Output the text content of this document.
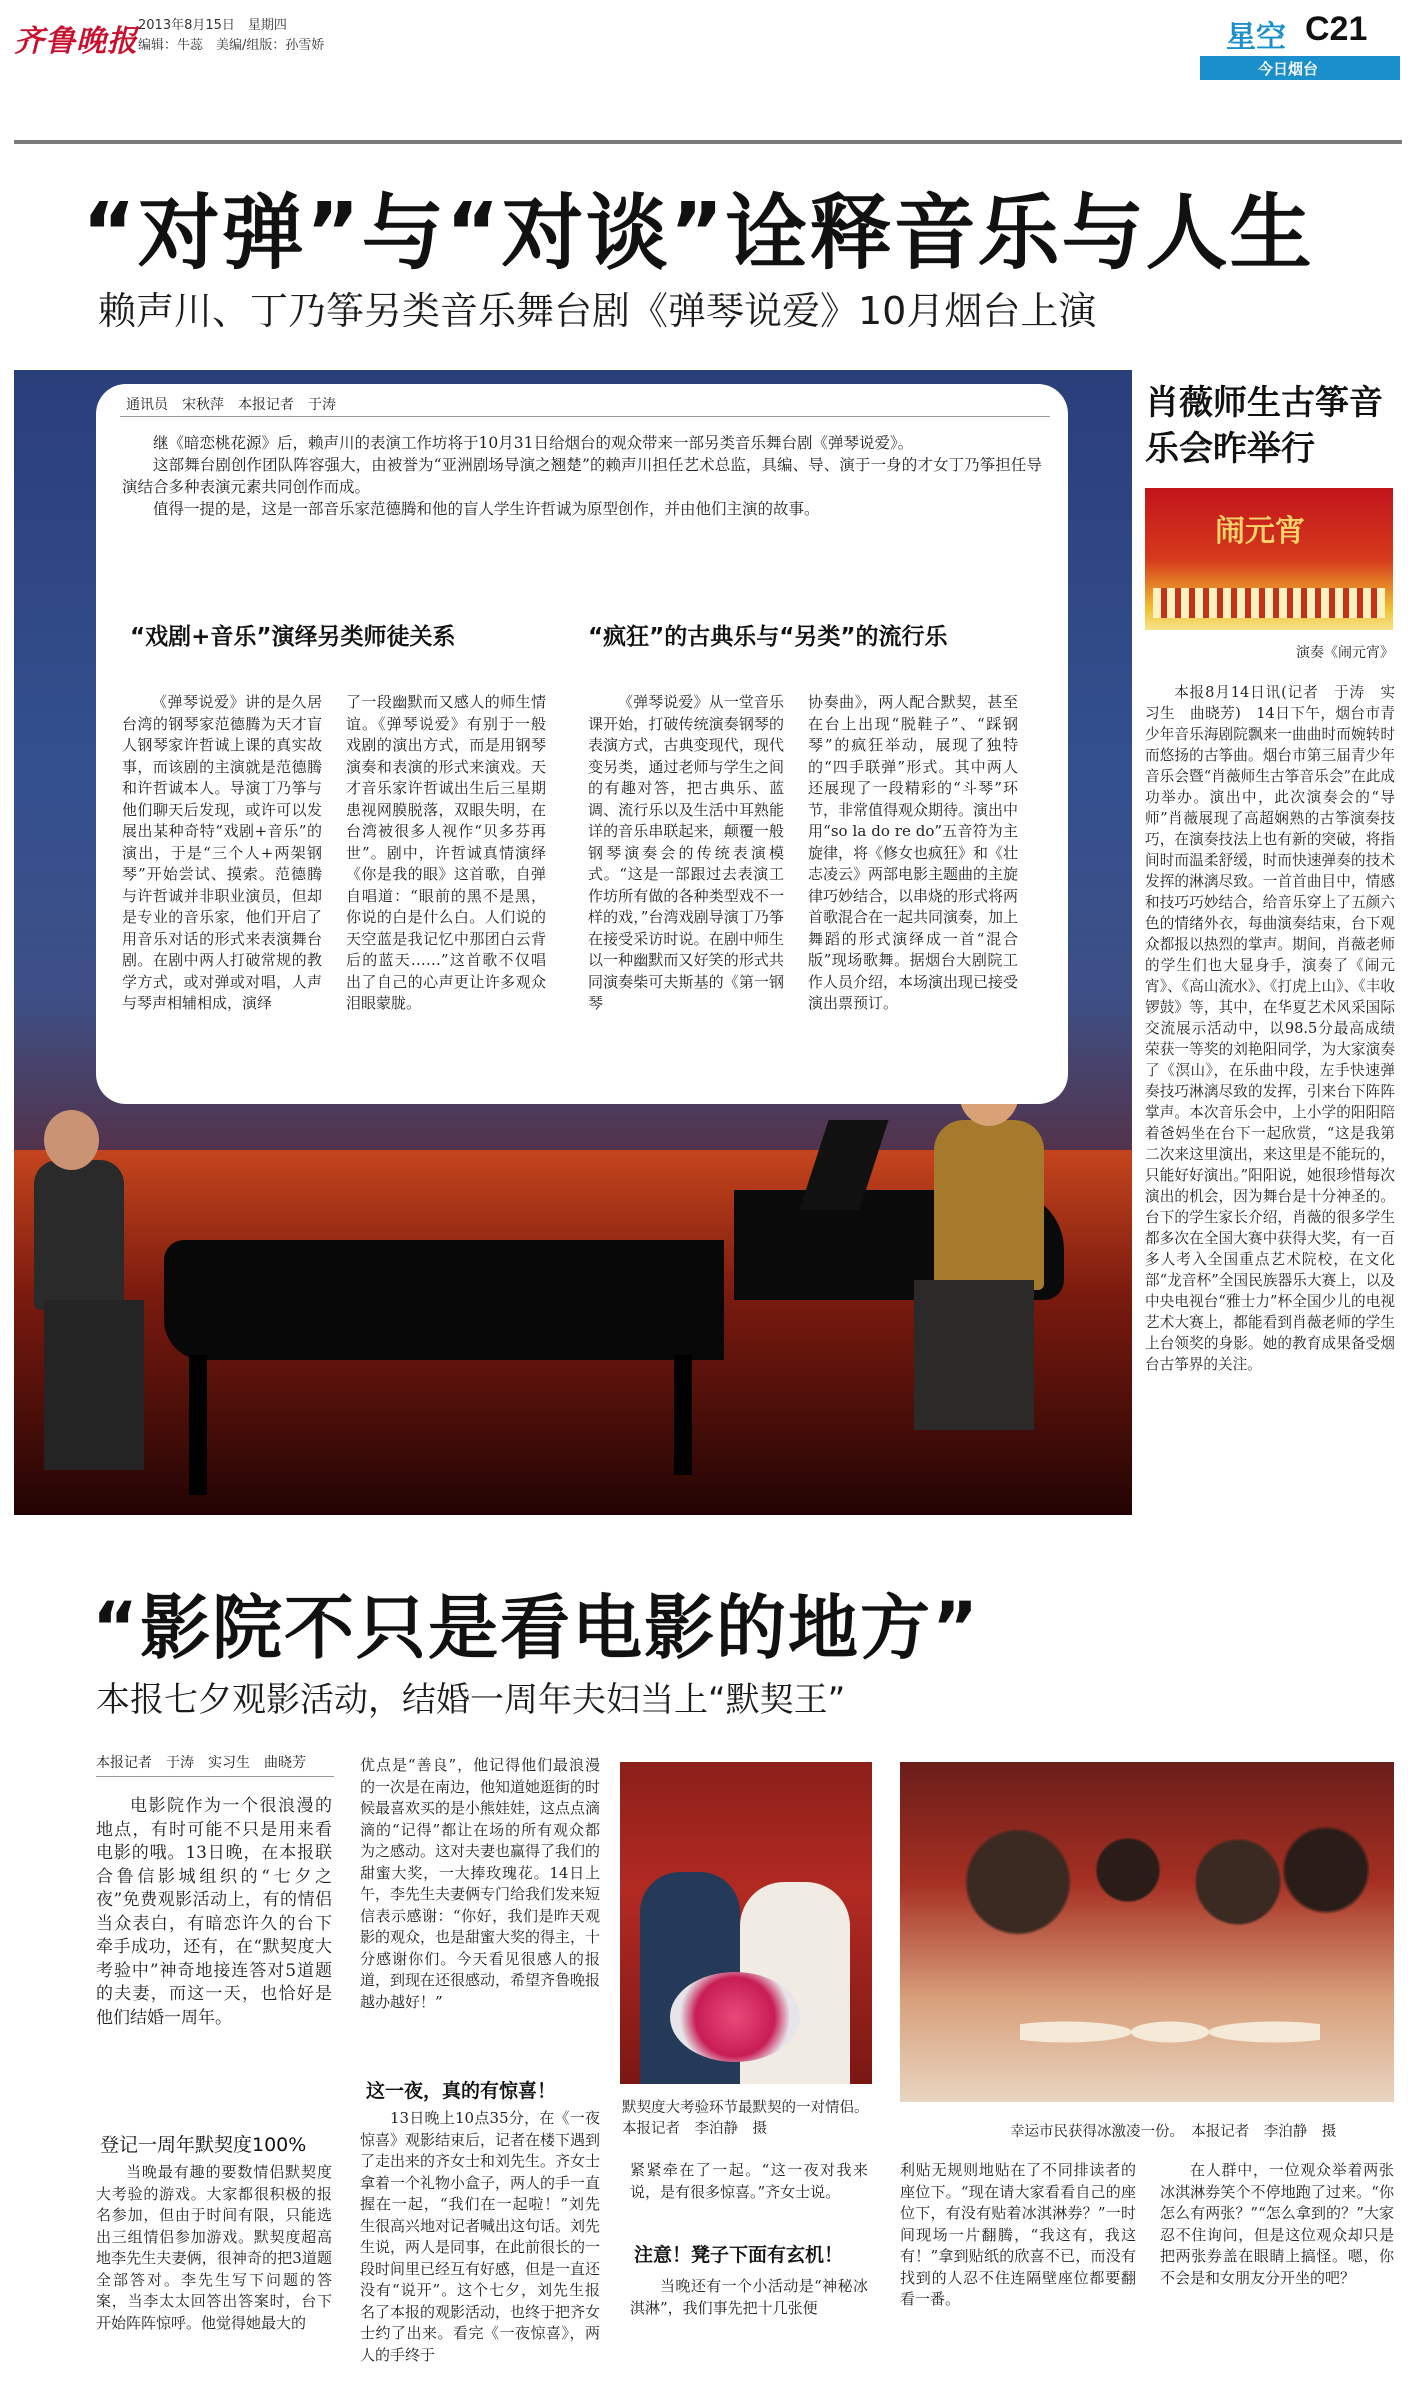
齐鲁晚报 2013年8月15日　星期四
编辑：牛蕊　美编/组版：孙雪娇	星空 C21
今日烟台
“对弹”与“对谈”诠释音乐与人生
赖声川、丁乃筝另类音乐舞台剧《弹琴说爱》10月烟台上演
通讯员　宋秋萍　本报记者　于涛

继《暗恋桃花源》后，赖声川的表演工作坊将于10月31日给烟台的观众带来一部另类音乐舞台剧《弹琴说爱》。

这部舞台剧创作团队阵容强大，由被誉为“亚洲剧场导演之翘楚”的赖声川担任艺术总监，具编、导、演于一身的才女丁乃筝担任导演结合多种表演元素共同创作而成。

值得一提的是，这是一部音乐家范德腾和他的盲人学生许哲诚为原型创作，并由他们主演的故事。

“戏剧+音乐”演绎另类师徒关系	“疯狂”的古典乐与“另类”的流行乐

《弹琴说爱》讲的是久居台湾的钢琴家范德腾为天才盲人钢琴家许哲诚上课的真实故事，而该剧的主演就是范德腾和许哲诚本人。导演丁乃筝与他们聊天后发现，或许可以发展出某种奇特“戏剧+音乐”的演出，于是“三个人+两架钢琴”开始尝试、摸索。范德腾与许哲诚并非职业演员，但却是专业的音乐家，他们开启了用音乐对话的形式来表演舞台剧。在剧中两人打破常规的教学方式，或对弹或对唱，人声与琴声相辅相成，演绎

了一段幽默而又感人的师生情谊。《弹琴说爱》有别于一般戏剧的演出方式，而是用钢琴演奏和表演的形式来演戏。天才音乐家许哲诚出生后三星期患视网膜脱落，双眼失明，在台湾被很多人视作“贝多芬再世”。剧中，许哲诚真情演绎《你是我的眼》这首歌，自弹自唱道：“眼前的黑不是黑，你说的白是什么白。人们说的天空蓝是我记忆中那团白云背后的蓝天……”这首歌不仅唱出了自己的心声更让许多观众泪眼蒙胧。

《弹琴说爱》从一堂音乐课开始，打破传统演奏钢琴的表演方式，古典变现代，现代变另类，通过老师与学生之间的有趣对答，把古典乐、蓝调、流行乐以及生活中耳熟能详的音乐串联起来，颠覆一般钢琴演奏会的传统表演模式。“这是一部跟过去表演工作坊所有做的各种类型戏不一样的戏，”台湾戏剧导演丁乃筝在接受采访时说。在剧中师生以一种幽默而又好笑的形式共同演奏柴可夫斯基的《第一钢琴

协奏曲》，两人配合默契，甚至在台上出现“脱鞋子”、“踩钢琴”的疯狂举动，展现了独特的“四手联弹”形式。其中两人还展现了一段精彩的“斗琴”环节，非常值得观众期待。演出中用“so la do re do”五音符为主旋律，将《修女也疯狂》和《壮志凌云》两部电影主题曲的主旋律巧妙结合，以串烧的形式将两首歌混合在一起共同演奏，加上舞蹈的形式演绎成一首“混合版”现场歌舞。据烟台大剧院工作人员介绍，本场演出现已接受演出票预订。

肖薇师生古筝音乐会昨举行
闹元宵
演奏《闹元宵》

本报8月14日讯(记者　于涛　实习生　曲晓芳)　14日下午，烟台市青少年音乐海剧院飘来一曲曲时而婉转时而悠扬的古筝曲。烟台市第三届青少年音乐会暨“肖薇师生古筝音乐会”在此成功举办。演出中，此次演奏会的“导师”肖薇展现了高超娴熟的古筝演奏技巧，在演奏技法上也有新的突破，将指间时而温柔舒缓，时而快速弹奏的技术发挥的淋漓尽致。一首首曲目中，情感和技巧巧妙结合，给音乐穿上了五颜六色的情绪外衣，每曲演奏结束，台下观众都报以热烈的掌声。期间，肖薇老师的学生们也大显身手，演奏了《闹元宵》、《高山流水》、《打虎上山》、《丰收锣鼓》等，其中，在华夏艺术风采国际交流展示活动中，以98.5分最高成绩荣获一等奖的刘艳阳同学，为大家演奏了《溟山》，在乐曲中段，左手快速弹奏技巧淋漓尽致的发挥，引来台下阵阵掌声。本次音乐会中，上小学的阳阳陪着爸妈坐在台下一起欣赏，“这是我第二次来这里演出，来这里是不能玩的，只能好好演出。”阳阳说，她很珍惜每次演出的机会，因为舞台是十分神圣的。台下的学生家长介绍，肖薇的很多学生都多次在全国大赛中获得大奖，有一百多人考入全国重点艺术院校，在文化部“龙音杯”全国民族器乐大赛上，以及中央电视台“雅士力”杯全国少儿的电视艺术大赛上，都能看到肖薇老师的学生上台领奖的身影。她的教育成果备受烟台古筝界的关注。

“影院不只是看电影的地方”
本报七夕观影活动，结婚一周年夫妇当上“默契王”
本报记者　于涛　实习生　曲晓芳

电影院作为一个很浪漫的地点，有时可能不只是用来看电影的哦。13日晚，在本报联合鲁信影城组织的“七夕之夜”免费观影活动上，有的情侣当众表白，有暗恋许久的台下牵手成功，还有，在“默契度大考验中”神奇地接连答对5道题的夫妻，而这一天，也恰好是他们结婚一周年。

登记一周年默契度100%

当晚最有趣的要数情侣默契度大考验的游戏。大家都很积极的报名参加，但由于时间有限，只能选出三组情侣参加游戏。默契度超高地李先生夫妻俩，很神奇的把3道题全部答对。李先生写下问题的答案，当李太太回答出答案时，台下开始阵阵惊呼。他觉得她最大的

优点是“善良”，他记得他们最浪漫的一次是在南边，他知道她逛街的时候最喜欢买的是小熊娃娃，这点点滴滴的“记得”都让在场的所有观众都为之感动。这对夫妻也赢得了我们的甜蜜大奖，一大捧玫瑰花。14日上午，李先生夫妻俩专门给我们发来短信表示感谢：“你好，我们是昨天观影的观众，也是甜蜜大奖的得主，十分感谢你们。今天看见很感人的报道，到现在还很感动，希望齐鲁晚报越办越好！”

这一夜，真的有惊喜！

13日晚上10点35分，在《一夜惊喜》观影结束后，记者在楼下遇到了走出来的齐女士和刘先生。齐女士拿着一个礼物小盒子，两人的手一直握在一起，“我们在一起啦！”刘先生很高兴地对记者喊出这句话。刘先生说，两人是同事，在此前很长的一段时间里已经互有好感，但是一直还没有“说开”。这个七夕，刘先生报名了本报的观影活动，也终于把齐女士约了出来。看完《一夜惊喜》，两人的手终于

默契度大考验环节最默契的一对情侣。　本报记者　李泊静　摄

紧紧牵在了一起。“这一夜对我来说，是有很多惊喜。”齐女士说。

注意！凳子下面有玄机！

当晚还有一个小活动是“神秘冰淇淋”，我们事先把十几张便

幸运市民获得冰激凌一份。　本报记者　李泊静　摄

利贴无规则地贴在了不同排读者的座位下。“现在请大家看看自己的座位下，有没有贴着冰淇淋券？”一时间现场一片翻腾，“我这有，我这有！”拿到贴纸的欣喜不已，而没有找到的人忍不住连隔壁座位都要翻看一番。

在人群中，一位观众举着两张冰淇淋券笑个不停地跑了过来。“你怎么有两张？”“怎么拿到的？”大家忍不住询问，但是这位观众却只是把两张券盖在眼睛上搞怪。嗯，你不会是和女朋友分开坐的吧？
